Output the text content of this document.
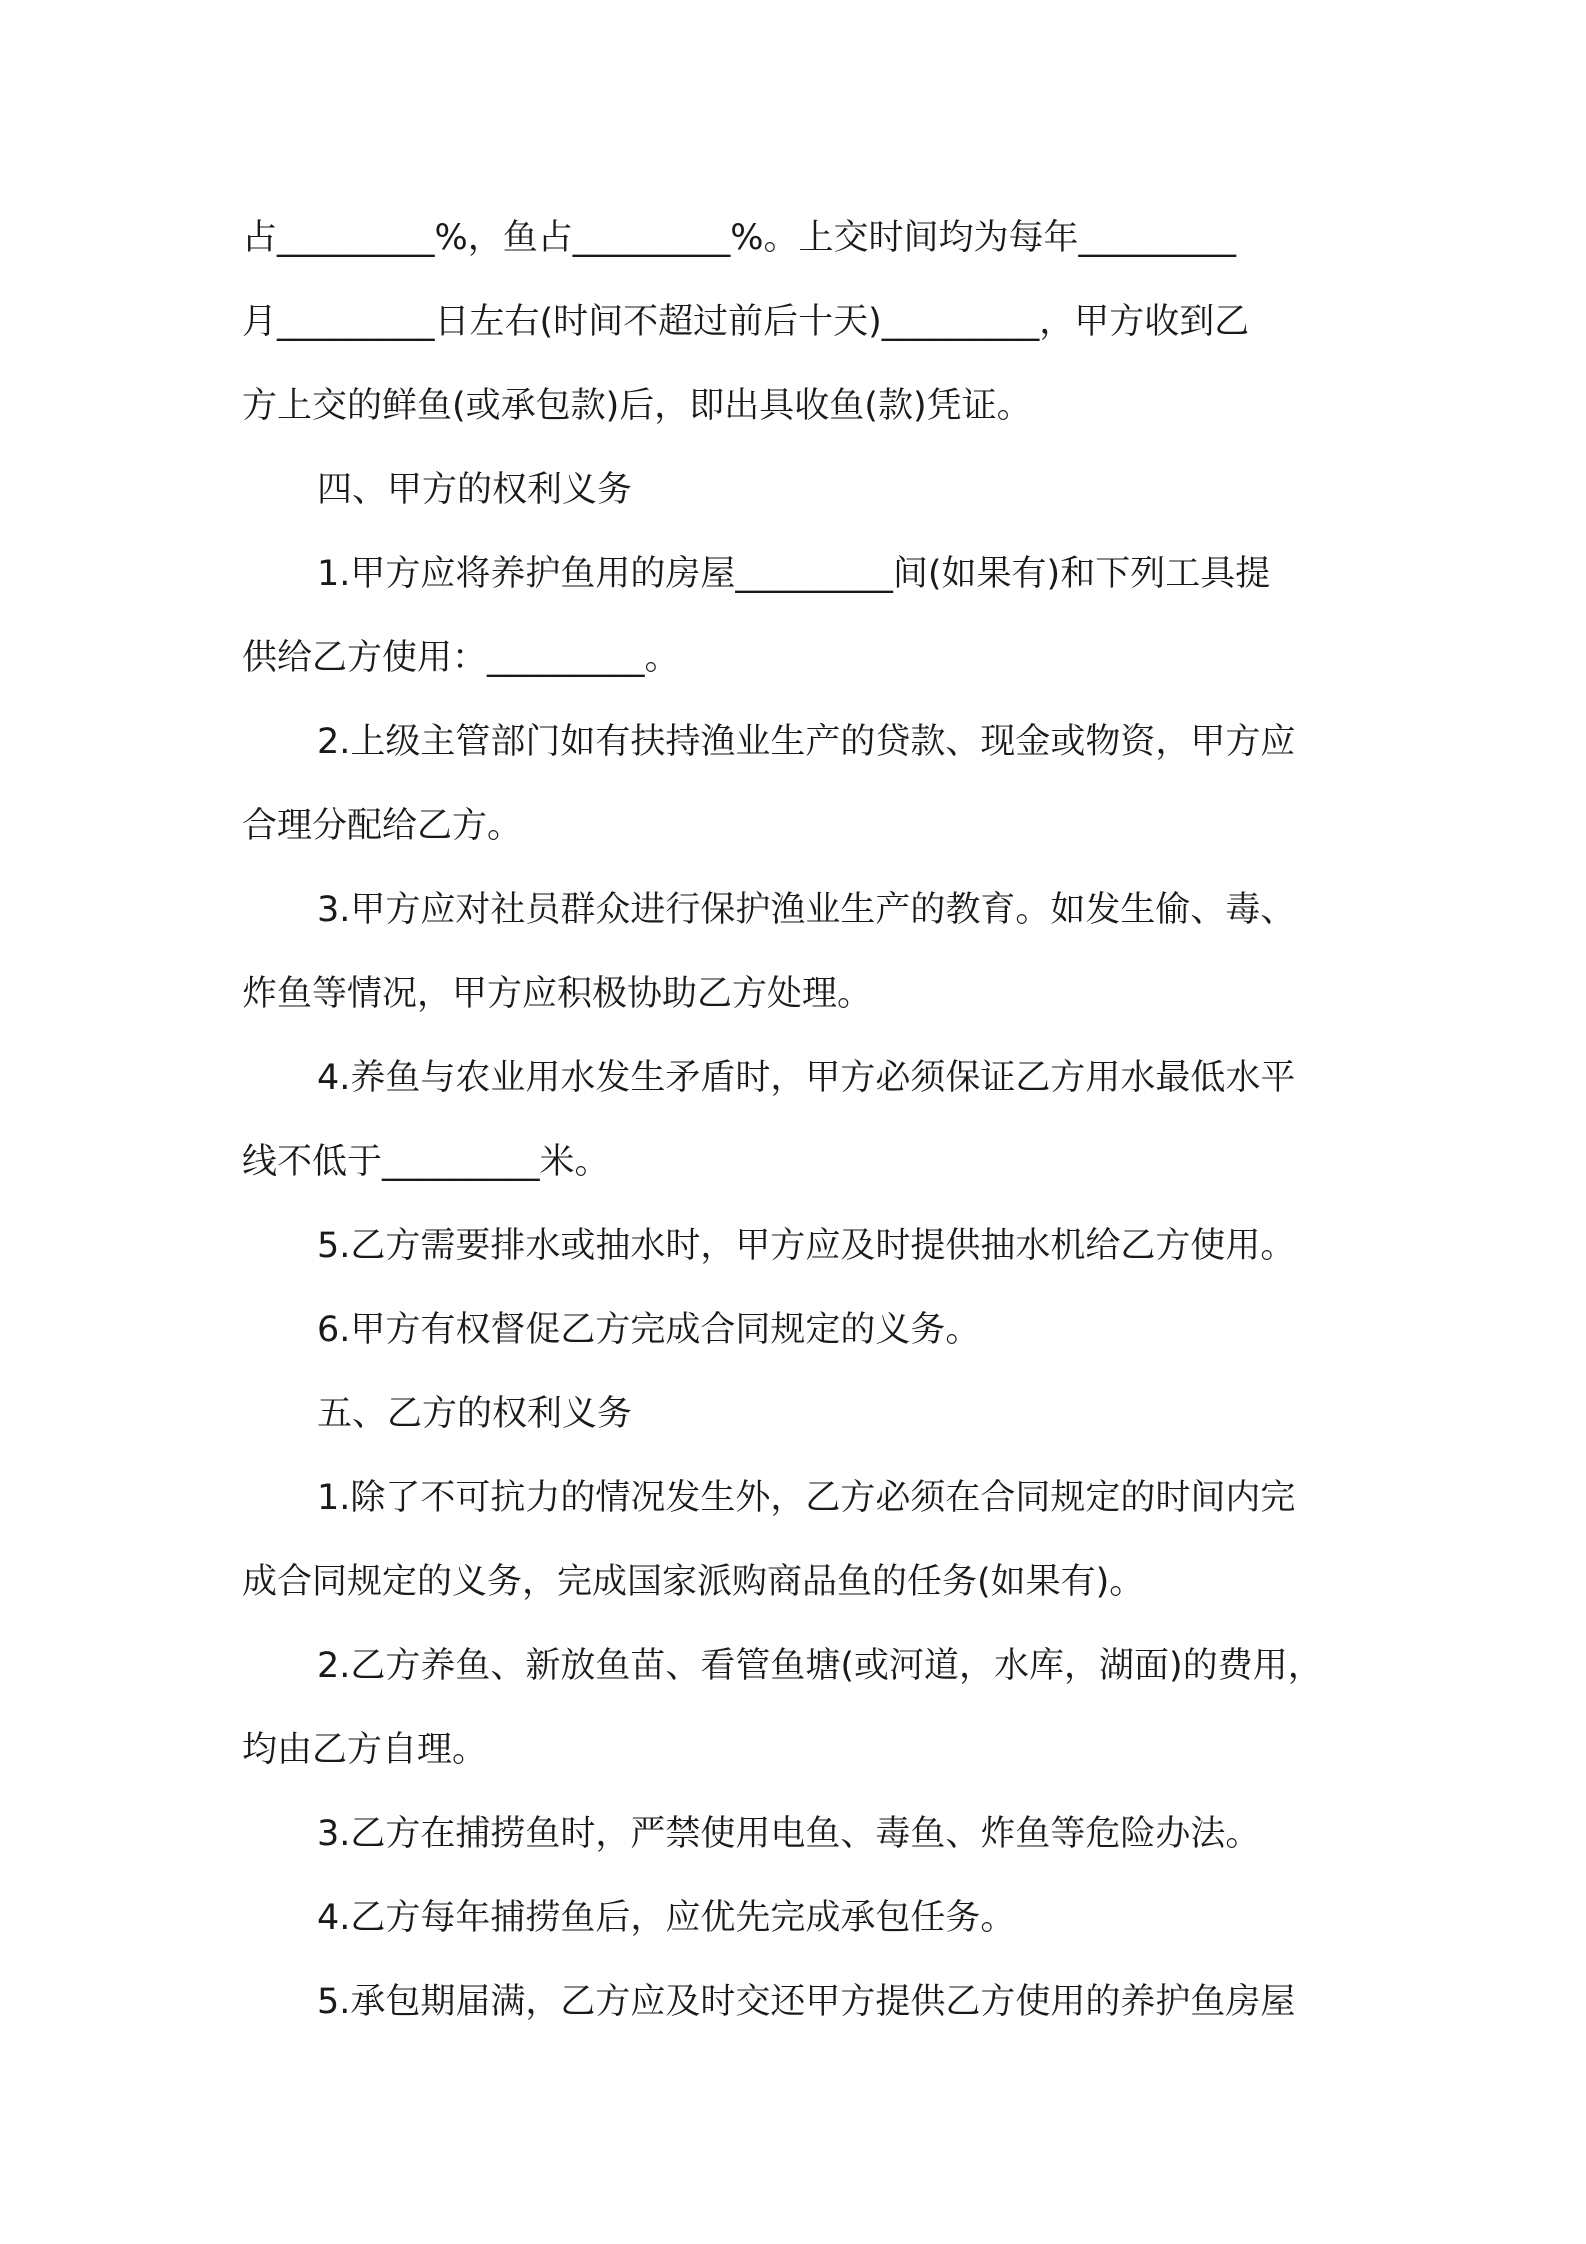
占_________%，鱼占_________%。上交时间均为每年_________

月_________日左右(时间不超过前后十天)_________，甲方收到乙

方上交的鲜鱼(或承包款)后，即出具收鱼(款)凭证。

四、甲方的权利义务

1.甲方应将养护鱼用的房屋_________间(如果有)和下列工具提

供给乙方使用：_________。

2.上级主管部门如有扶持渔业生产的贷款、现金或物资，甲方应

合理分配给乙方。

3.甲方应对社员群众进行保护渔业生产的教育。如发生偷、毒、

炸鱼等情况，甲方应积极协助乙方处理。

4.养鱼与农业用水发生矛盾时，甲方必须保证乙方用水最低水平

线不低于_________米。

5.乙方需要排水或抽水时，甲方应及时提供抽水机给乙方使用。

6.甲方有权督促乙方完成合同规定的义务。

五、乙方的权利义务

1.除了不可抗力的情况发生外，乙方必须在合同规定的时间内完

成合同规定的义务，完成国家派购商品鱼的任务(如果有)。

2.乙方养鱼、新放鱼苗、看管鱼塘(或河道，水库，湖面)的费用，

均由乙方自理。

3.乙方在捕捞鱼时，严禁使用电鱼、毒鱼、炸鱼等危险办法。

4.乙方每年捕捞鱼后，应优先完成承包任务。

5.承包期届满，乙方应及时交还甲方提供乙方使用的养护鱼房屋
